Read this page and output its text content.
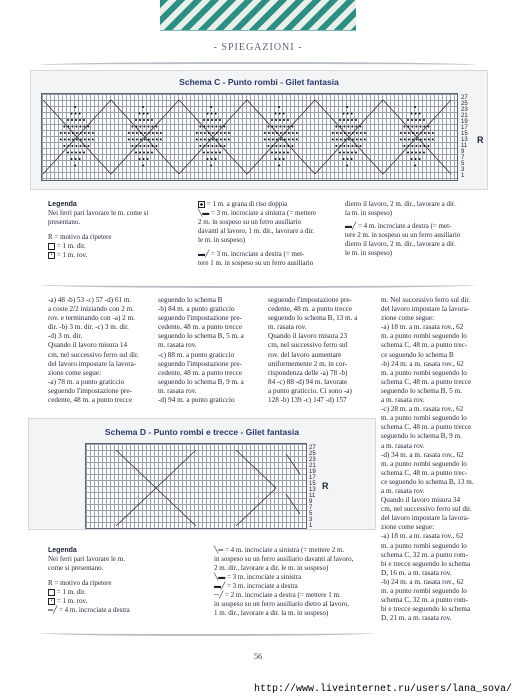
- SPIEGAZIONI -
Schema C - Punto rombi - Gilet fantasia
27
25
23
21
19
17
15
13
11
9
7
5
3
1
R
Legenda
Nei ferri pari lavorare le m. come si
presentano.
R = motivo da ripetere
= 1 m. dir.
• = 1 m. rov.
= 1 m. a grana di riso doppia
╲▬ = 3 m. incrociate a sinistra (= mettere
2 m. in sospeso su un ferro ausiliario
davanti al lavoro, 1 m. dir., lavorare a dir.
le m. in sospeso)
▬╱ = 3 m. incrociate a destra (= met-
tere 1 m. in sospeso su un ferro ausiliario
dietro il lavoro, 2 m. dir., lavorare a dir.
la m. in sospeso)
▬╱ = 4 m. incrociate a destra (= met-
tere 2 m. in sospeso su un ferro ausiliario
dietro il lavoro, 2 m. dir., lavorare a dir.
le m. in sospeso)

-a) 48 -b) 53 -c) 57 -d) 61 m.

a coste 2/2 iniziando con 2 m.

rov. e terminando con -a) 2 m.

dir. -b) 3 m. dir. -c) 3 m. dir.

-d) 3 m. dir.

Quando il lavoro misura 14

cm, nel successivo ferro sul dir.

del lavoro impostare la lavora-

zione come segue:

-a) 78 m. a punto graticcio

seguendo l'impostazione pre-

cedente, 48 m. a punto trecce

seguendo lo schema B

-b) 84 m. a punto graticcio

seguendo l'impostazione pre-

cedente, 48 m. a punto trecce

seguendo lo schema B, 5 m. a

m. rasata rov.

-c) 88 m. a punto graticcio

seguendo l'impostazione pre-

cedente, 48 m. a punto trecce

seguendo lo schema B, 9 m. a

m. rasata rov.

-d) 94 m. a punto graticcio

seguendo l'impostazione pre-

cedente, 48 m. a punto trecce

seguendo lo schema B, 13 m. a

m. rasata rov.

Quando il lavoro misura 23

cm, nel successivo ferro sul

rov. del lavoro aumentare

uniformemente 2 m. in cor-

rispondenza delle -a) 78 -b)

84 -c) 88 -d) 94 m. lavorate

a punto graticcio. Ci sono -a)

128 -b) 139 -c) 147 -d) 157

m. Nel successivo ferro sul dir.

del lavoro impostare la lavora-

zione come segue:

-a) 18 m. a m. rasata rov., 62

m. a punto rombi seguendo lo

schema C, 48 m. a punto trec-

ce seguendo lo schema B

-b) 24 m. a m. rasata rov., 62

m. a punto rombi seguendo lo

schema C, 48 m. a punto trecce

seguendo lo schema B, 5 m.

a m. rasata rov.

-c) 28 m. a m. rasata rov., 62

m. a punto rombi seguendo lo

schema C, 48 m. a punto trecce

seguendo lo schema B, 9 m.

a m. rasata rov.

-d) 34 m. a m. rasata rov., 62

m. a punto rombi seguendo lo

schema C, 48 m. a punto trec-

ce seguendo lo schema B, 13 m.

a m. rasata rov.

Quando il lavoro misura 34

cm, nel successivo ferro sul dir.

del lavoro impostare la lavora-

zione come segue:

-a) 18 m. a m. rasata rov., 62

m. a punto rombi seguendo lo

schema C, 32 m. a punto rom-

bi e trecce seguendo lo schema

D, 16 m. a m. rasata rov.

-b) 24 m. a m. rasata rov., 62

m. a punto rombi seguendo lo

schema C, 32 m. a punto rom-

bi e trecce seguendo lo schema

D, 21 m. a m. rasata rov.

Schema D - Punto rombi e trecce - Gilet fantasia
27
25
23
21
19
17
15
13
11
9
7
5
3
1
R
Legenda
Nei ferri pari lavorare le m.
come si presentano.
R = motivo da ripetere
= 1 m. dir.
• = 1 m. rov.
═╱ = 4 m. incrociate a destra
╲═ = 4 m. incrociate a sinistra (= mettere 2 m.
in sospeso su un ferro ausiliario davanti al lavoro,
2 m. dir., lavorare a dir. le m. in sospeso)
╲▬ = 3 m. incrociate a sinistra
▬╱ = 3 m. incrociate a destra
─╱ = 2 m. incrociate a destra (= mettere 1 m.
in sospeso su un ferro ausiliario dietro al lavoro,
1 m. dir., lavorare a dir. la m. in sospeso)
56
http://www.liveinternet.ru/users/lana_sova/
